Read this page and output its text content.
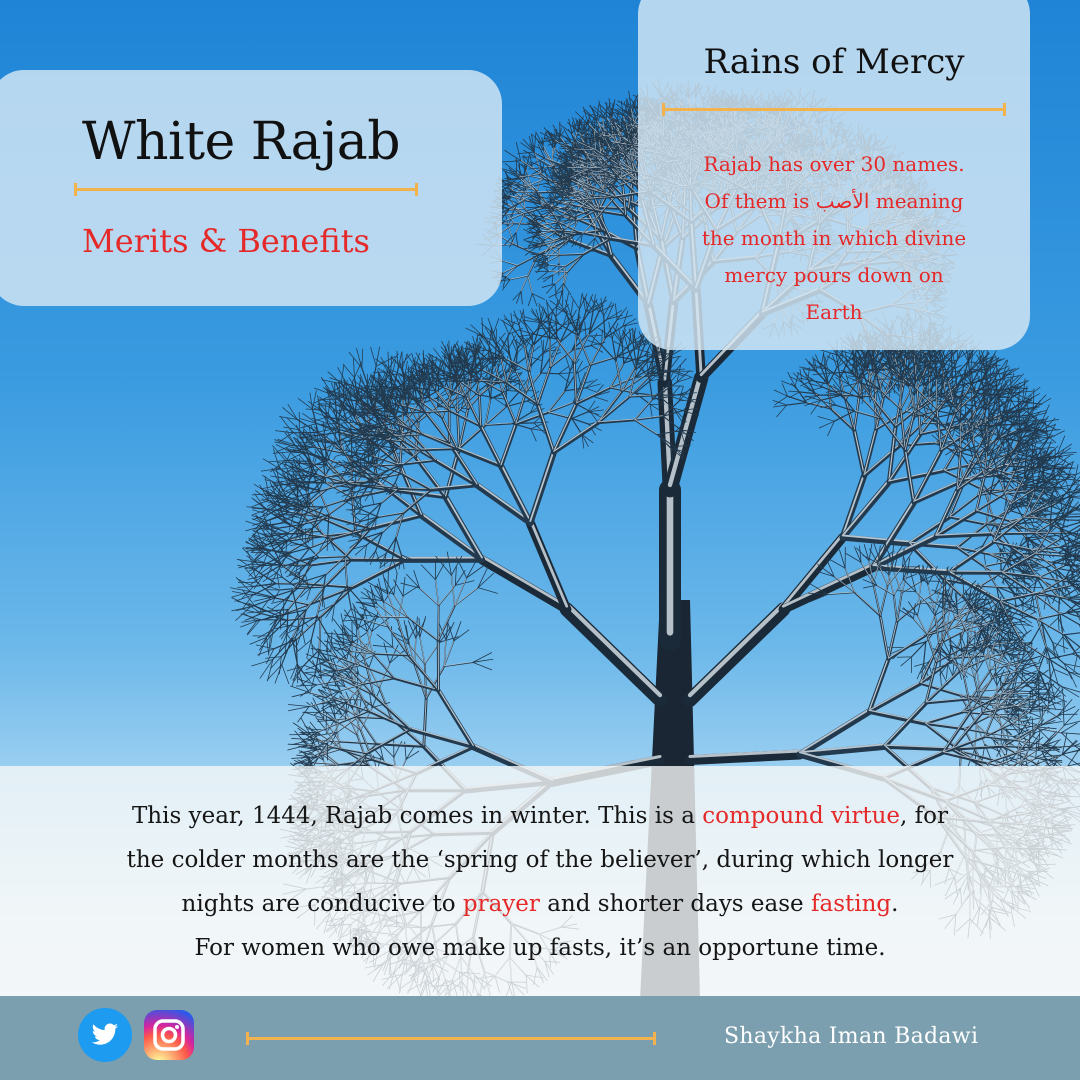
White Rajab
Merits & Benefits
Rains of Mercy
Rajab has over 30 names.
Of them is الأصب meaning
the month in which divine
mercy pours down on
Earth
This year, 1444, Rajab comes in winter. This is a compound virtue, for
the colder months are the ‘spring of the believer’, during which longer
nights are conducive to prayer and shorter days ease fasting.
For women who owe make up fasts, it’s an opportune time.
Shaykha Iman Badawi
